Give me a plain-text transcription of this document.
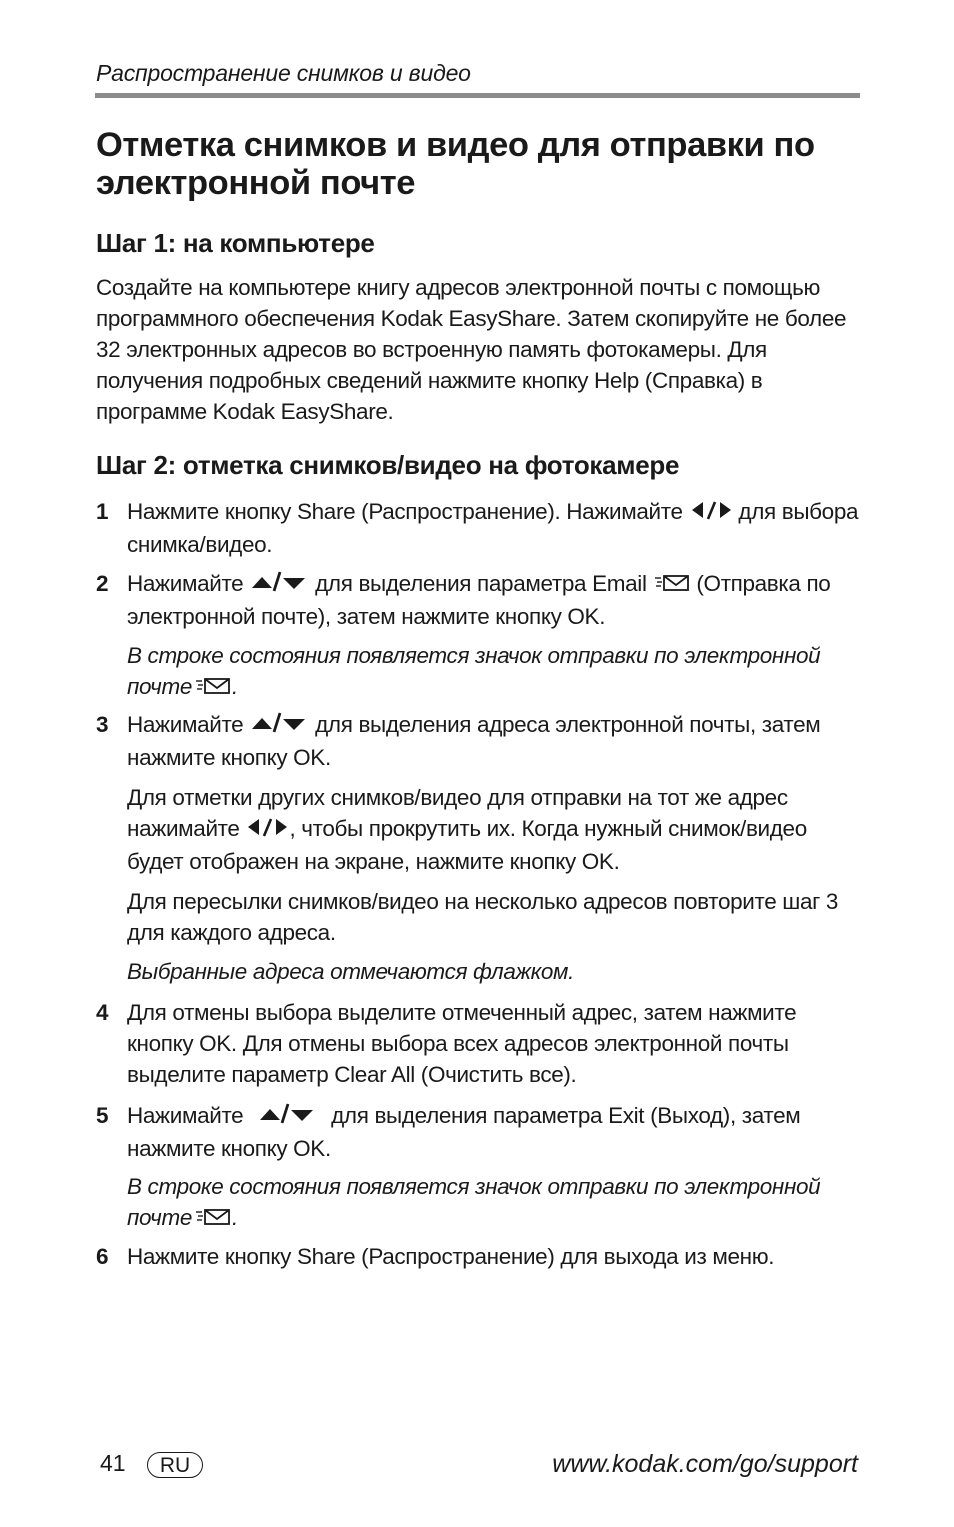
Распространение снимков и видео
Отметка снимков и видео для отправки по электронной почте
Шаг 1: на компьютере
Создайте на компьютере книгу адресов электронной почты с помощью программного обеспечения Kodak EasyShare. Затем скопируйте не более 32 электронных адресов во встроенную память фотокамеры. Для получения подробных сведений нажмите кнопку Help (Справка) в программе Kodak EasyShare.
Шаг 2: отметка снимков/видео на фотокамере
1 Нажмите кнопку Share (Распространение). Нажимайте  для выбора снимка/видео.
2 Нажимайте	для выделения параметра Email  (Отправка по электронной почте), затем нажмите кнопку OK.
В строке состояния появляется значок отправки по электронной почте .
3 Нажимайте	для выделения адреса электронной почты, затем нажмите кнопку OK.
Для отметки других снимков/видео для отправки на тот же адрес нажимайте , чтобы прокрутить их. Когда нужный снимок/видео будет отображен на экране, нажмите кнопку OK.
Для пересылки снимков/видео на несколько адресов повторите шаг 3 для каждого адреса.
Выбранные адреса отмечаются флажком.
4 Для отмены выбора выделите отмеченный адрес, затем нажмите кнопку OK. Для отмены выбора всех адресов электронной почты выделите параметр Clear All (Очистить все).
5 Нажимайте	для выделения параметра Exit (Выход), затем нажмите кнопку OK.
В строке состояния появляется значок отправки по электронной почте .
6 Нажмите кнопку Share (Распространение) для выхода из меню.
41	RU	www.kodak.com/go/support
